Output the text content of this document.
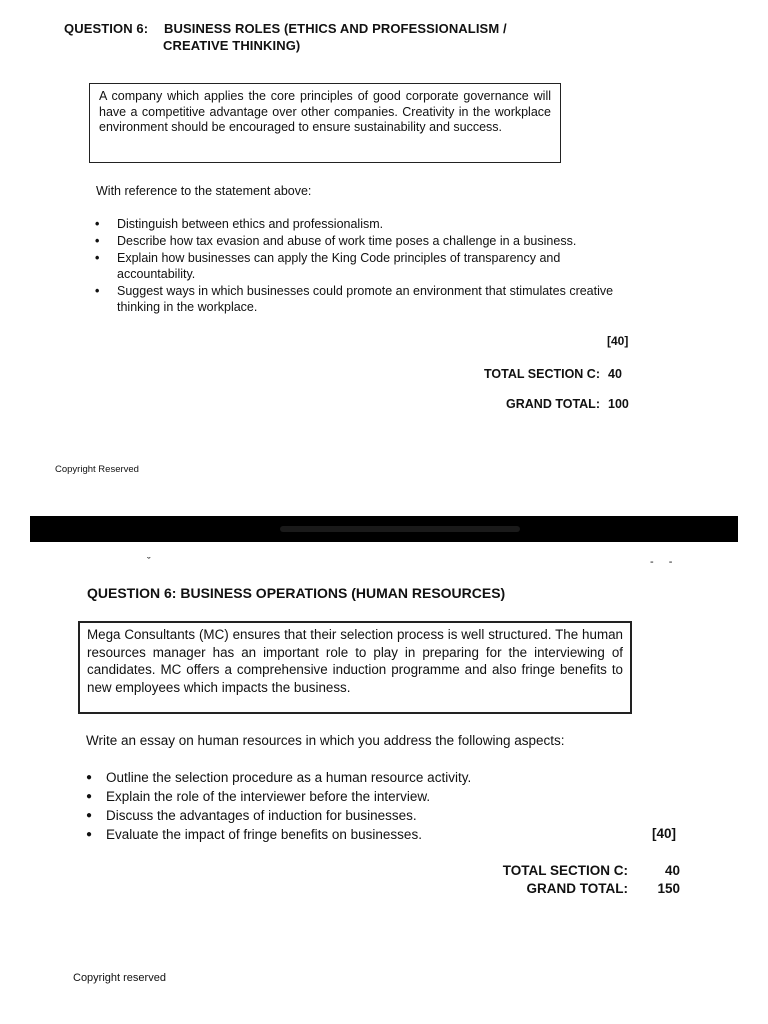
QUESTION 6: BUSINESS ROLES (ETHICS AND PROFESSIONALISM /
CREATIVE THINKING)
A company which applies the core principles of good corporate governance will have a competitive advantage over other companies. Creativity in the workplace environment should be encouraged to ensure sustainability and success.
With reference to the statement above:
• Distinguish between ethics and professionalism.
• Describe how tax evasion and abuse of work time poses a challenge in a business.
• Explain how businesses can apply the King Code principles of transparency and accountability.
• Suggest ways in which businesses could promote an environment that stimulates creative thinking in the workplace.
[40]
TOTAL SECTION C: 40
GRAND TOTAL: 100
Copyright Reserved
ˇ	- -
QUESTION 6: BUSINESS OPERATIONS (HUMAN RESOURCES)
Mega Consultants (MC) ensures that their selection process is well structured. The human resources manager has an important role to play in preparing for the interviewing of candidates. MC offers a comprehensive induction programme and also fringe benefits to new employees which impacts the business.
Write an essay on human resources in which you address the following aspects:
● Outline the selection procedure as a human resource activity.
● Explain the role of the interviewer before the interview.
● Discuss the advantages of induction for businesses.
● Evaluate the impact of fringe benefits on businesses.	[40]
TOTAL SECTION C:	40
GRAND TOTAL:	150
Copyright reserved
